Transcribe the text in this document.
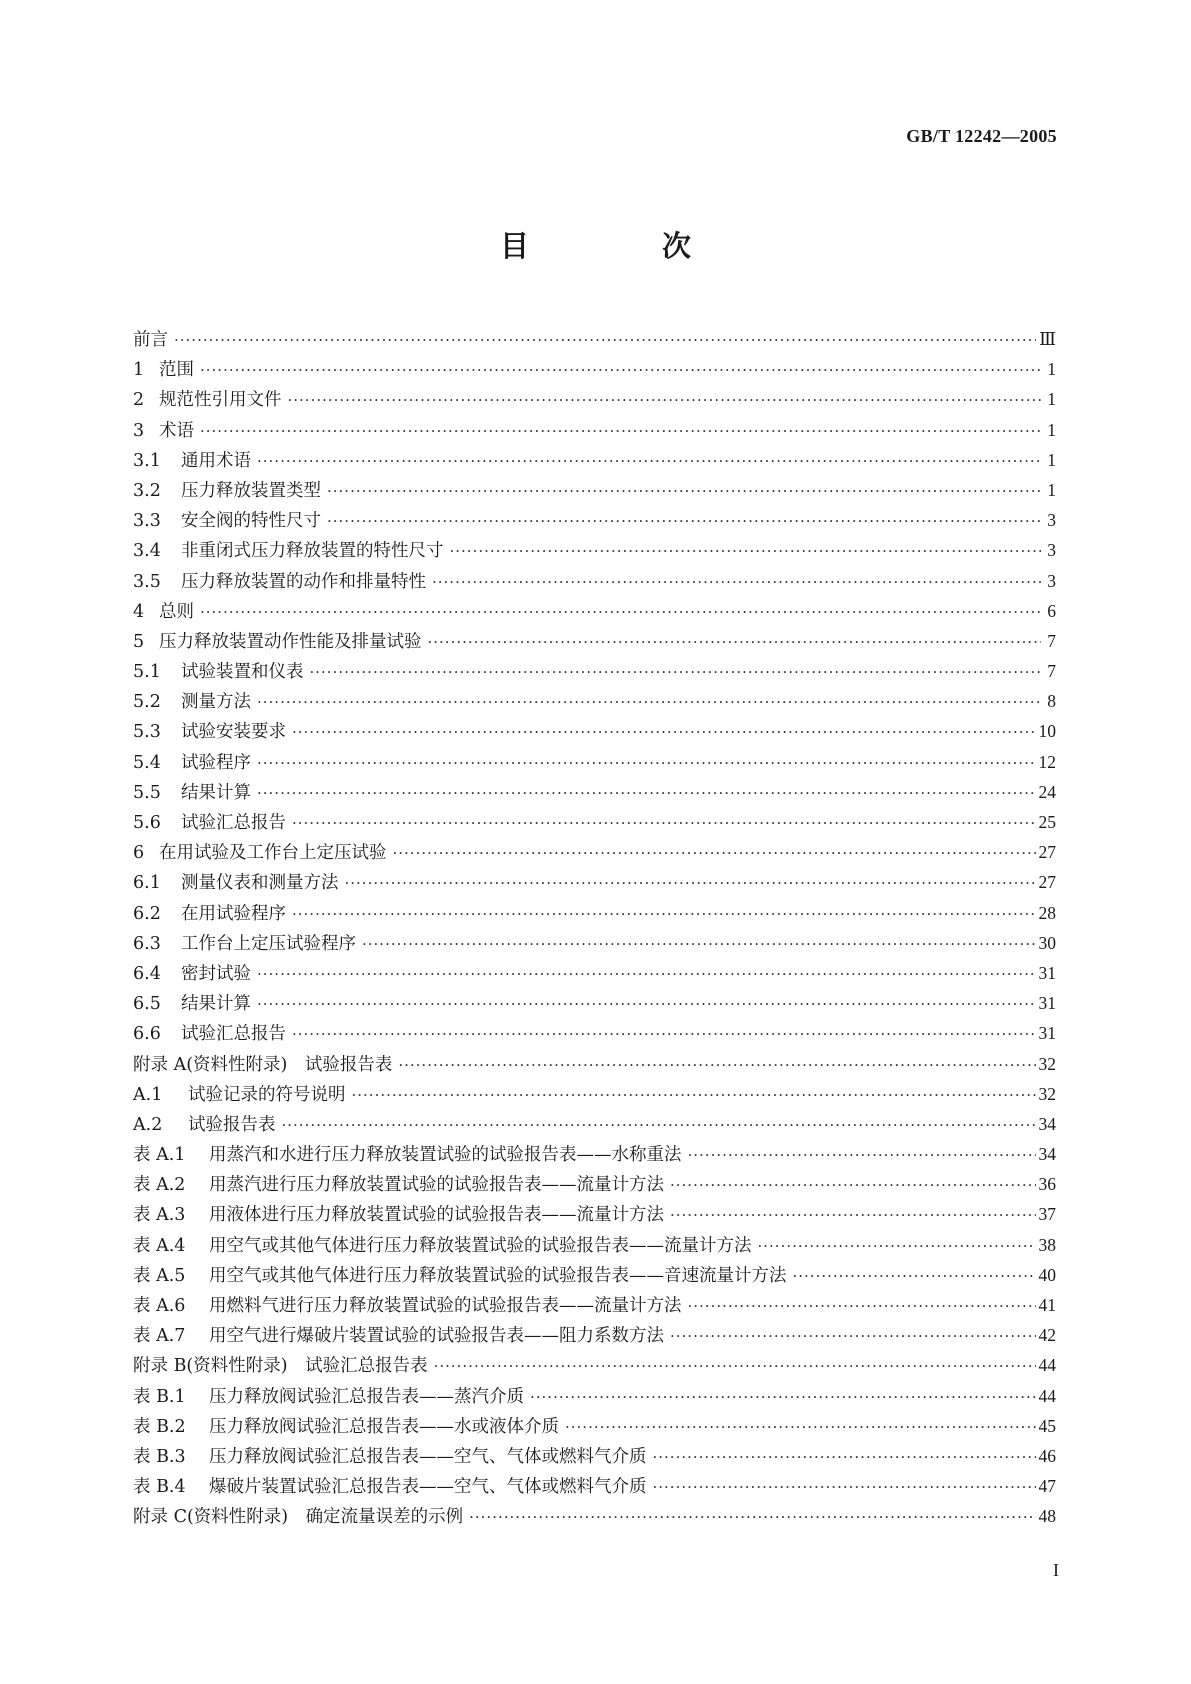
GB/T 12242—2005
目　次
前言 ·····	Ⅲ
1 范围 ·····	1
2 规范性引用文件 ·····	1
3 术语 ·····	1
3.1	通用术语 ·····	1
3.2	压力释放装置类型 ·····	1
3.3	安全阀的特性尺寸 ·····	3
3.4	非重闭式压力释放装置的特性尺寸 ·····	3
3.5	压力释放装置的动作和排量特性 ·····	3
4 总则 ·····	6
5 压力释放装置动作性能及排量试验 ·····	7
5.1	试验装置和仪表 ·····	7
5.2	测量方法 ·····	8
5.3	试验安装要求 ·····	10
5.4	试验程序 ·····	12
5.5	结果计算 ·····	24
5.6	试验汇总报告 ·····	25
6 在用试验及工作台上定压试验 ·····	27
6.1	测量仪表和测量方法 ·····	27
6.2	在用试验程序 ·····	28
6.3	工作台上定压试验程序 ·····	30
6.4	密封试验 ·····	31
6.5	结果计算 ·····	31
6.6	试验汇总报告 ·····	31
附录 A(资料性附录)　试验报告表 ·····	32
A.1	试验记录的符号说明 ·····	32
A.2	试验报告表 ·····	34
表 A.1	用蒸汽和水进行压力释放装置试验的试验报告表——水称重法 ·····	34
表 A.2	用蒸汽进行压力释放装置试验的试验报告表——流量计方法 ·····	36
表 A.3	用液体进行压力释放装置试验的试验报告表——流量计方法 ·····	37
表 A.4	用空气或其他气体进行压力释放装置试验的试验报告表——流量计方法 ·····	38
表 A.5	用空气或其他气体进行压力释放装置试验的试验报告表——音速流量计方法 ·····	40
表 A.6	用燃料气进行压力释放装置试验的试验报告表——流量计方法 ·····	41
表 A.7	用空气进行爆破片装置试验的试验报告表——阻力系数方法 ·····	42
附录 B(资料性附录)　试验汇总报告表 ·····	44
表 B.1	压力释放阀试验汇总报告表——蒸汽介质 ·····	44
表 B.2	压力释放阀试验汇总报告表——水或液体介质 ·····	45
表 B.3	压力释放阀试验汇总报告表——空气、气体或燃料气介质 ·····	46
表 B.4	爆破片装置试验汇总报告表——空气、气体或燃料气介质 ·····	47
附录 C(资料性附录)　确定流量误差的示例 ·····	48
I
